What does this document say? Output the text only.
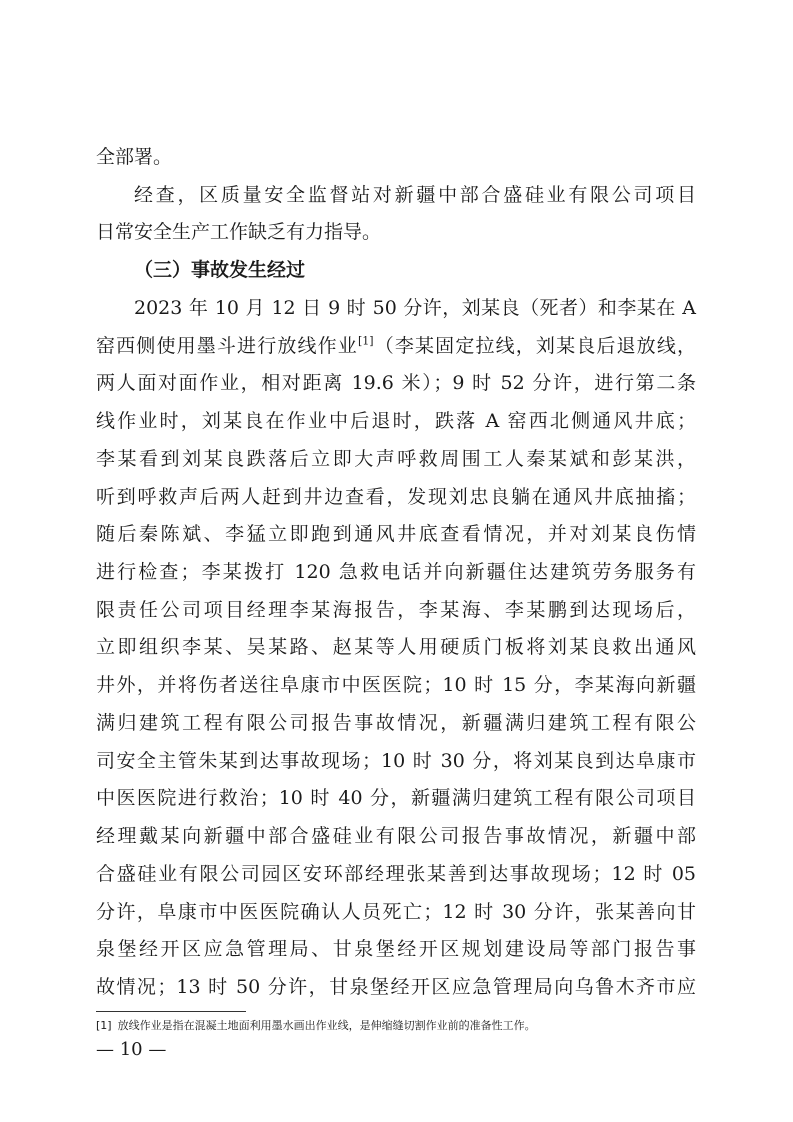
全部署。
经查，区质量安全监督站对新疆中部合盛硅业有限公司项目
日常安全生产工作缺乏有力指导。
（三）事故发生经过
2023 年 10 月 12 日 9 时 50 分许，刘某良（死者）和李某在 A
窑西侧使用墨斗进行放线作业[1]（李某固定拉线，刘某良后退放线，
两人面对面作业，相对距离 19.6 米）；9 时 52 分许，进行第二条
线作业时，刘某良在作业中后退时，跌落 A 窑西北侧通风井底；
李某看到刘某良跌落后立即大声呼救周围工人秦某斌和彭某洪，
听到呼救声后两人赶到井边查看，发现刘忠良躺在通风井底抽搐；
随后秦陈斌、李猛立即跑到通风井底查看情况，并对刘某良伤情
进行检查；李某拨打 120 急救电话并向新疆住达建筑劳务服务有
限责任公司项目经理李某海报告，李某海、李某鹏到达现场后，
立即组织李某、吴某路、赵某等人用硬质门板将刘某良救出通风
井外，并将伤者送往阜康市中医医院；10 时 15 分，李某海向新疆
满归建筑工程有限公司报告事故情况，新疆满归建筑工程有限公
司安全主管朱某到达事故现场；10 时 30 分，将刘某良到达阜康市
中医医院进行救治；10 时 40 分，新疆满归建筑工程有限公司项目
经理戴某向新疆中部合盛硅业有限公司报告事故情况，新疆中部
合盛硅业有限公司园区安环部经理张某善到达事故现场；12 时 05
分许，阜康市中医医院确认人员死亡；12 时 30 分许，张某善向甘
泉堡经开区应急管理局、甘泉堡经开区规划建设局等部门报告事
故情况；13 时 50 分许，甘泉堡经开区应急管理局向乌鲁木齐市应
[1] 放线作业是指在混凝土地面利用墨水画出作业线，是伸缩缝切割作业前的准备性工作。
— 10 —
